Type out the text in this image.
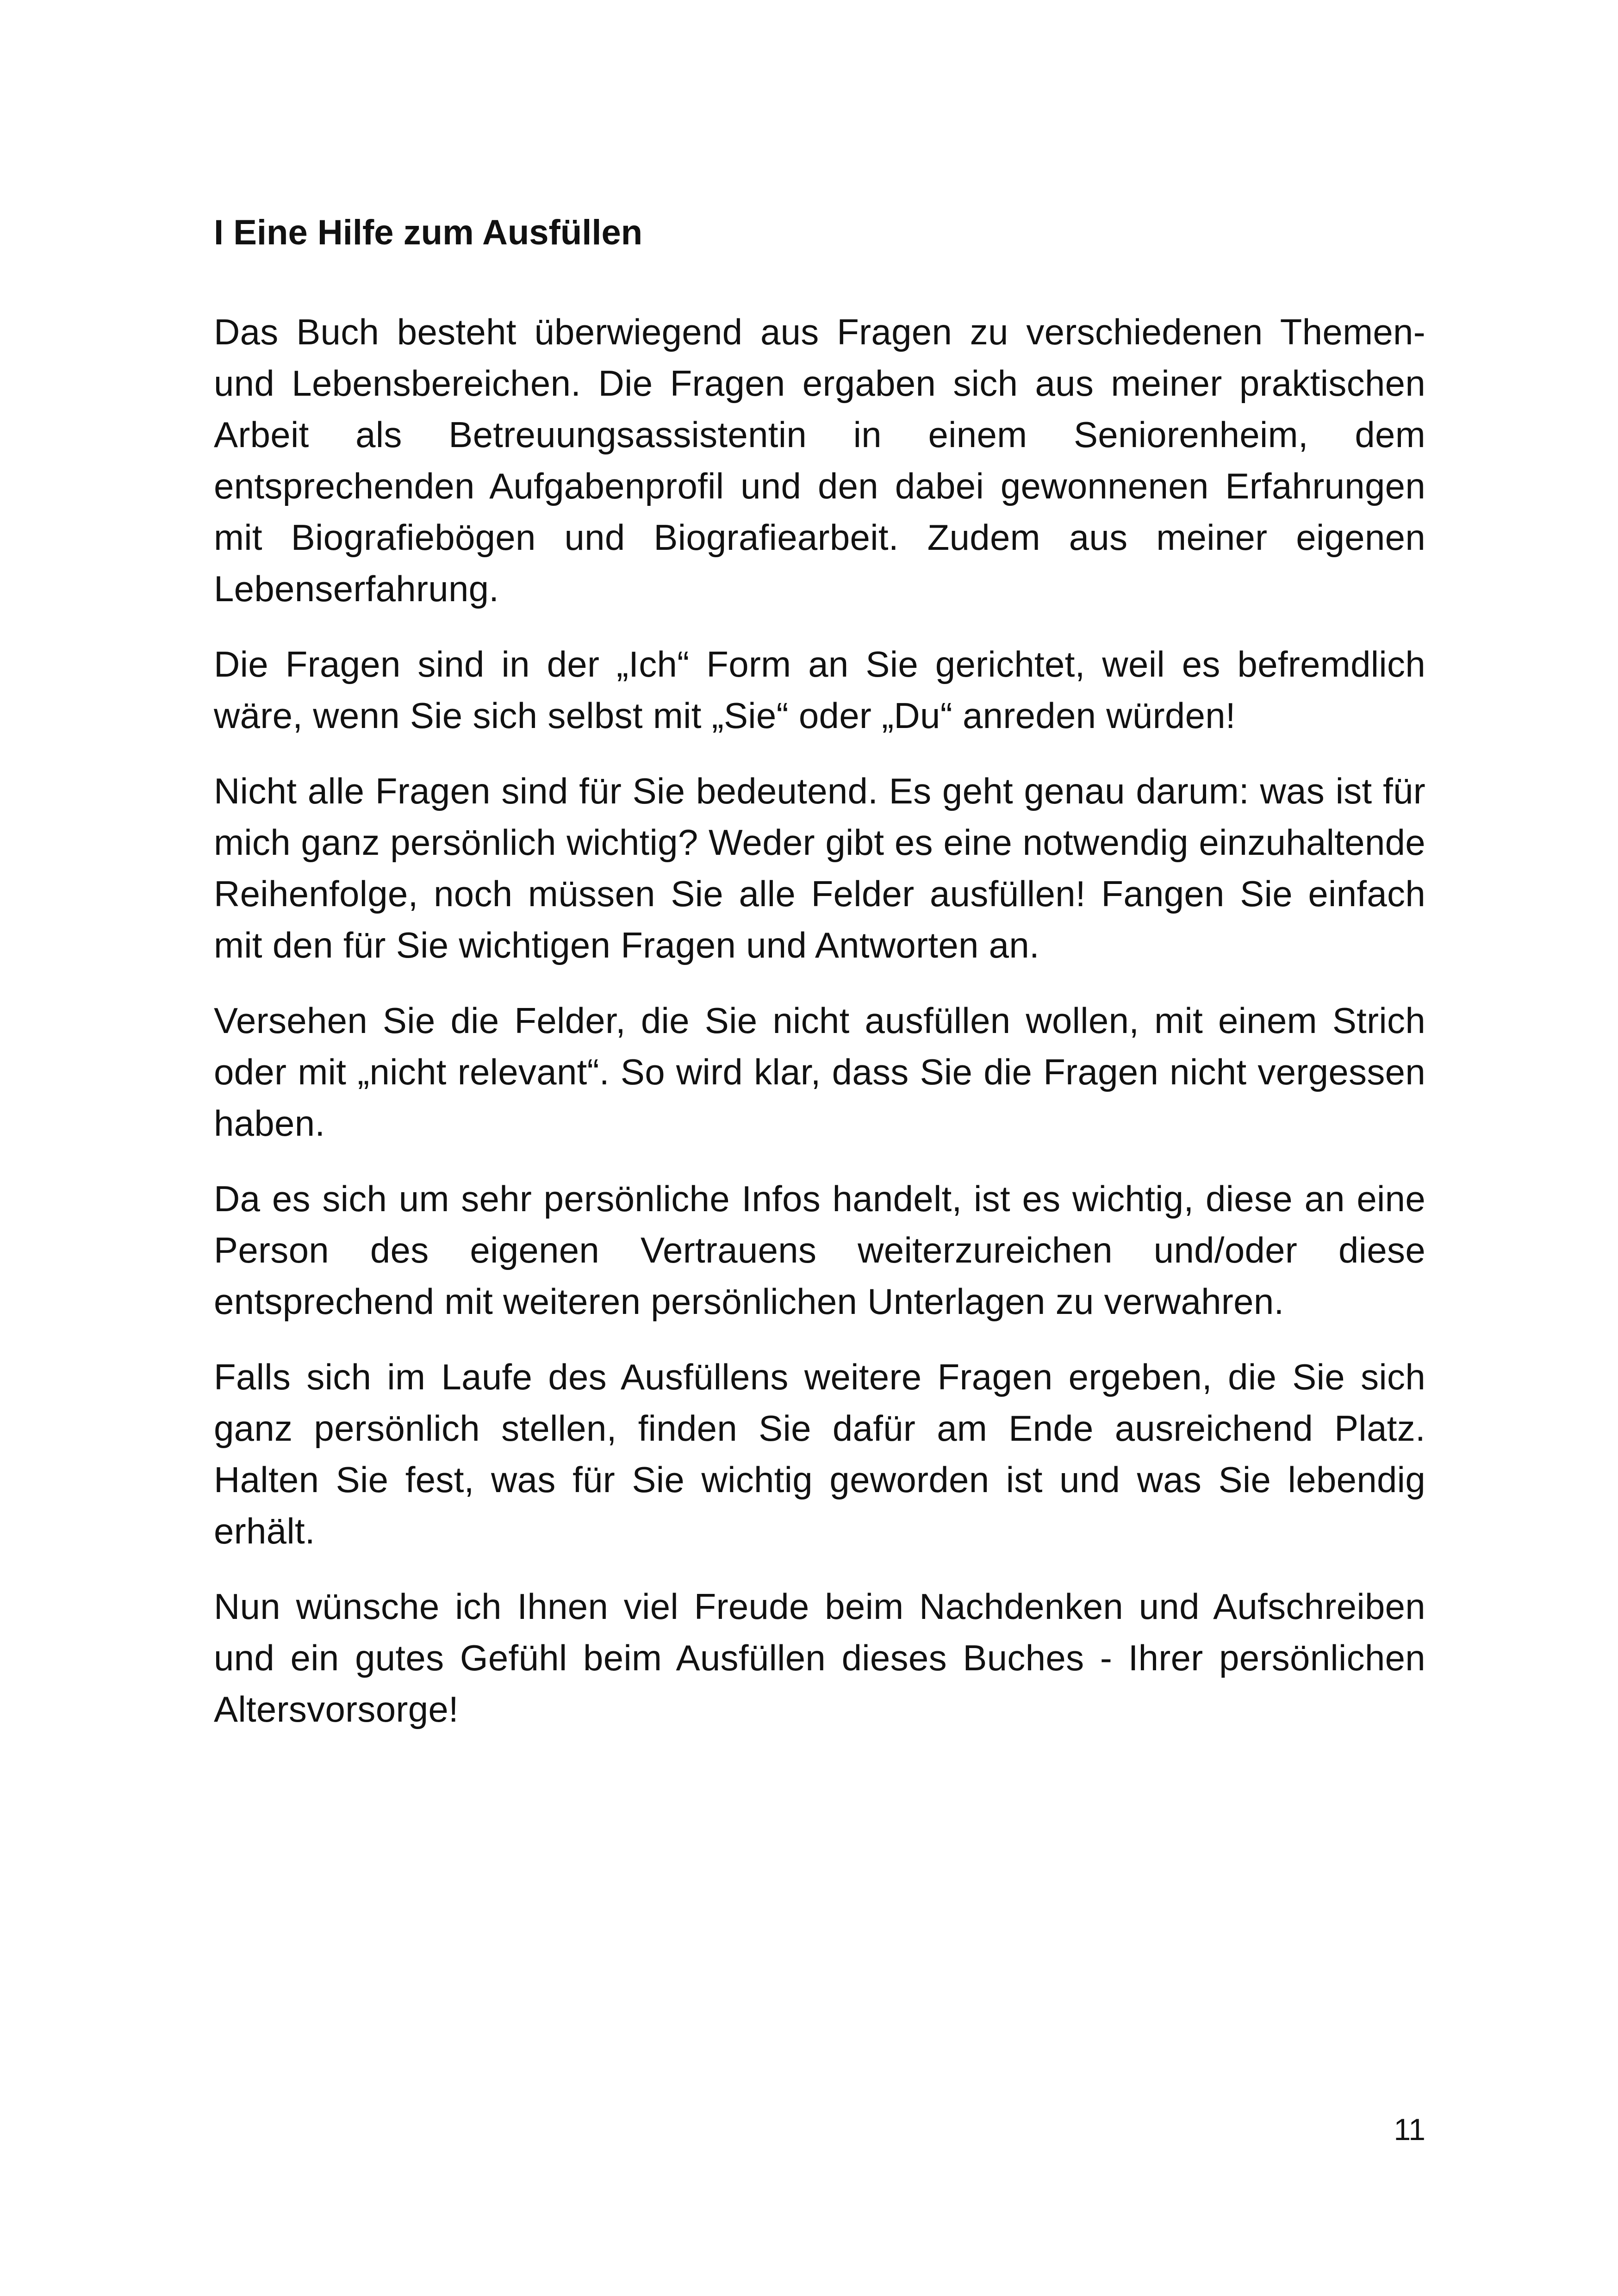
I Eine Hilfe zum Ausfüllen

Das Buch besteht überwiegend aus Fragen zu verschiedenen Themen- und Lebensbereichen. Die Fragen ergaben sich aus meiner praktischen Arbeit als Betreuungsassistentin in einem Seniorenheim, dem entsprechenden Aufgabenprofil und den dabei gewonnenen Erfahrungen mit Biografiebögen und Biografiearbeit. Zudem aus meiner eigenen Lebenserfahrung.

Die Fragen sind in der „Ich“ Form an Sie gerichtet, weil es befremdlich wäre, wenn Sie sich selbst mit „Sie“ oder „Du“ anreden würden!

Nicht alle Fragen sind für Sie bedeutend. Es geht genau darum: was ist für mich ganz persönlich wichtig? Weder gibt es eine notwendig einzuhaltende Reihenfolge, noch müssen Sie alle Felder ausfüllen! Fangen Sie einfach mit den für Sie wichtigen Fragen und Antworten an.

Versehen Sie die Felder, die Sie nicht ausfüllen wollen, mit einem Strich oder mit „nicht relevant“. So wird klar, dass Sie die Fragen nicht vergessen haben.

Da es sich um sehr persönliche Infos handelt, ist es wichtig, diese an eine Person des eigenen Vertrauens weiterzureichen und/oder diese entsprechend mit weiteren persönlichen Unterlagen zu verwahren.

Falls sich im Laufe des Ausfüllens weitere Fragen ergeben, die Sie sich ganz persönlich stellen, finden Sie dafür am Ende ausreichend Platz. Halten Sie fest, was für Sie wichtig geworden ist und was Sie lebendig erhält.

Nun wünsche ich Ihnen viel Freude beim Nachdenken und Aufschreiben und ein gutes Gefühl beim Ausfüllen dieses Buches - Ihrer persönlichen Altersvorsorge!

11
